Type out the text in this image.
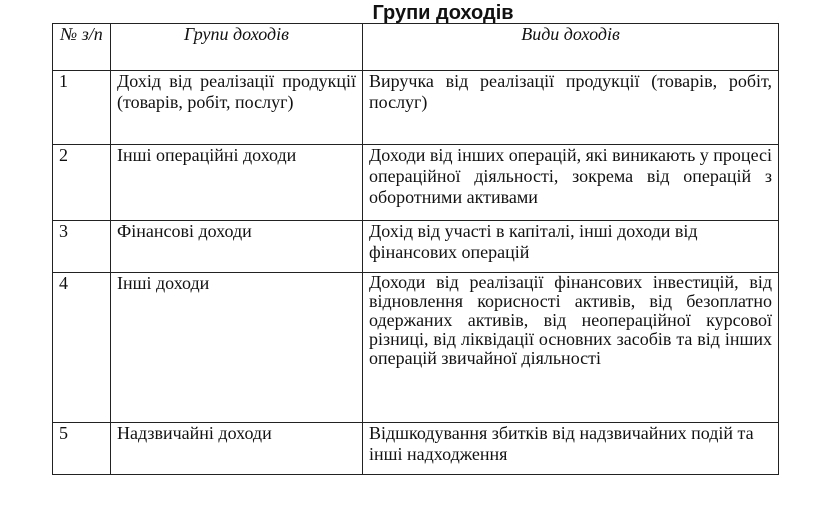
Групи доходів
№ з/п	Групи доходів	Види доходів
1	Дохід від реалізації продукції (товарів, робіт, послуг)	Виручка від реалізації продукції (товарів, робіт, послуг)
2	Інші операційні доходи	Доходи від інших операцій, які виникають у процесі операційної діяльності, зокрема від операцій з оборотними активами
3	Фінансові доходи	Дохід від участі в капіталі, інші доходи від фінансових операцій
4	Інші доходи	Доходи від реалізації фінансових інвестицій, від відновлення корисності активів, від безоплатно одержаних активів, від неопераційної курсової різниці, від ліквідації основних засобів та від інших операцій звичайної діяльності
5	Надзвичайні доходи	Відшкодування збитків від надзвичайних подій та інші надходження
